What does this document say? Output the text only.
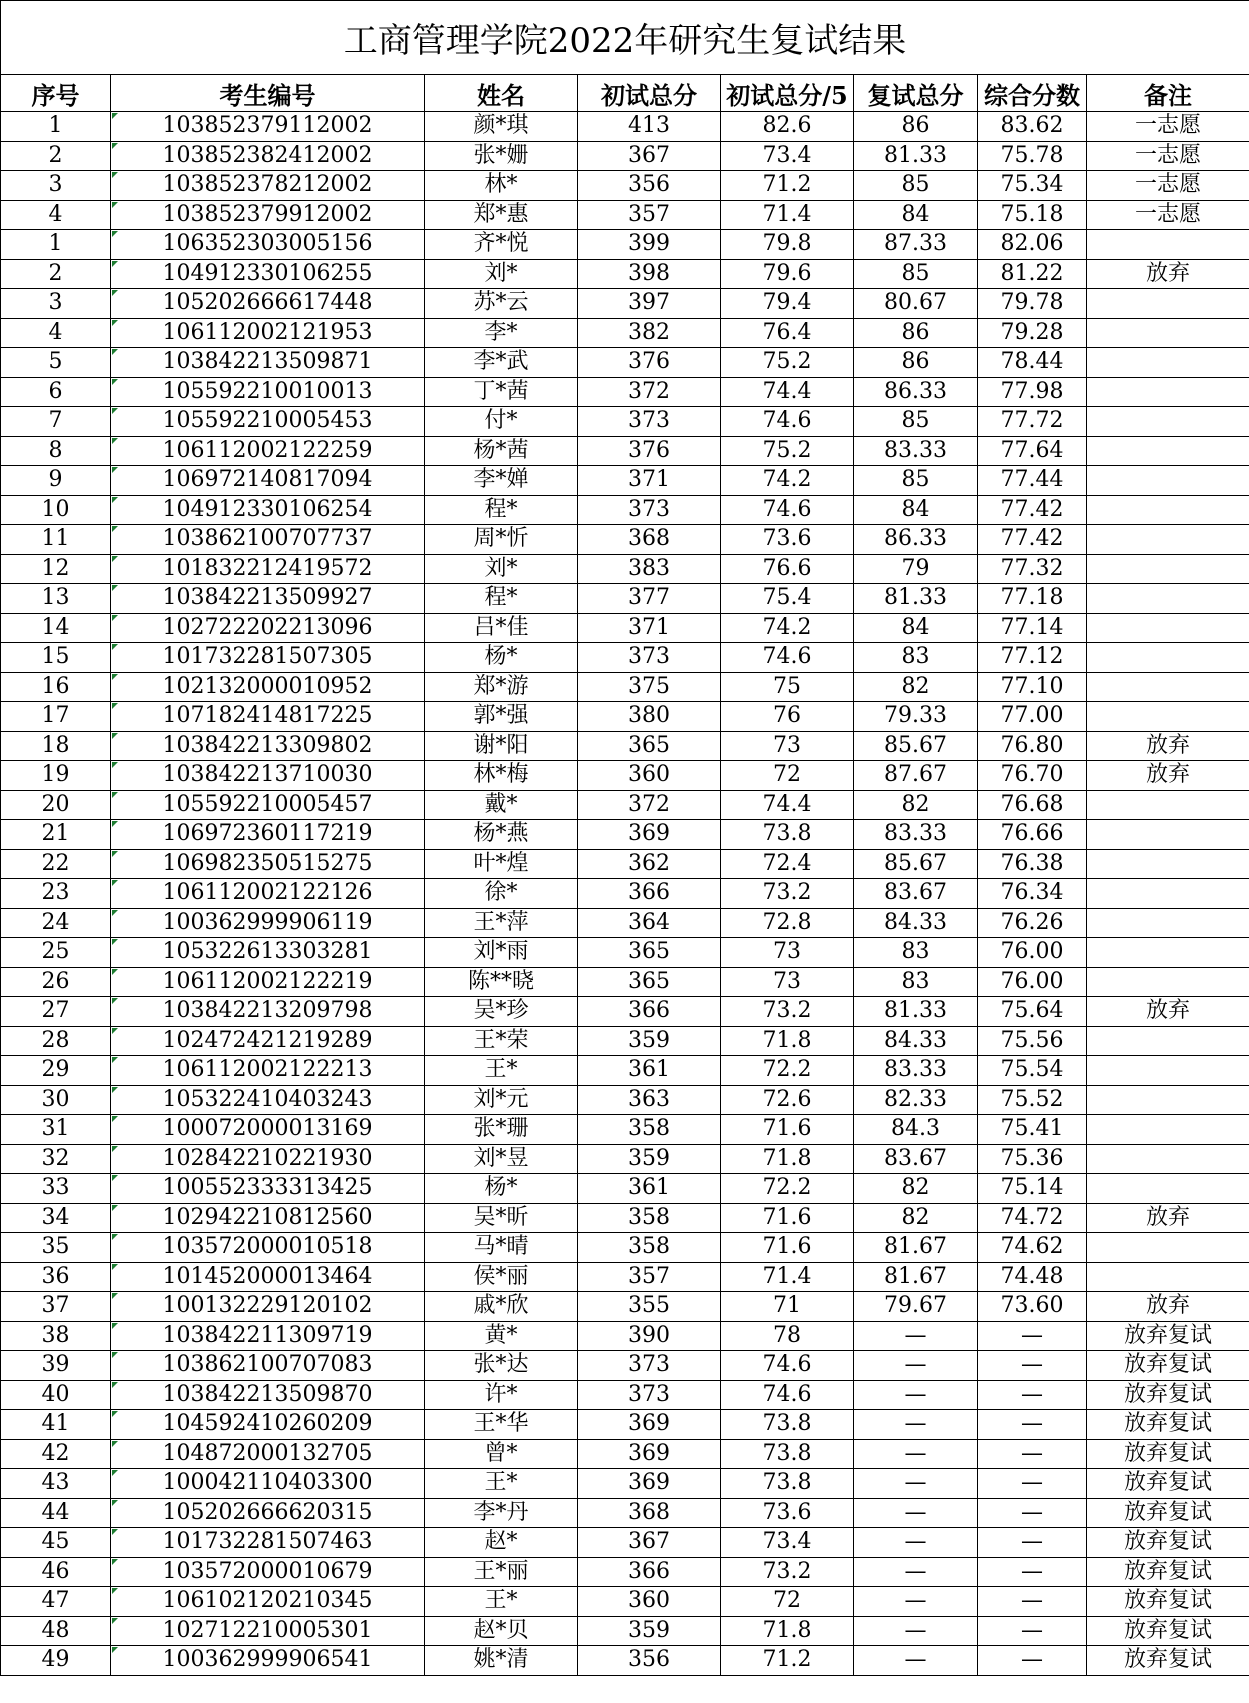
工商管理学院2022年研究生复试结果
序号	考生编号	姓名	初试总分	初试总分/5	复试总分	综合分数	备注
1	103852379112002	颜*琪	413	82.6	86	83.62	一志愿
2	103852382412002	张*姗	367	73.4	81.33	75.78	一志愿
3	103852378212002	林*	356	71.2	85	75.34	一志愿
4	103852379912002	郑*惠	357	71.4	84	75.18	一志愿
1	106352303005156	齐*悦	399	79.8	87.33	82.06	
2	104912330106255	刘*	398	79.6	85	81.22	放弃
3	105202666617448	苏*云	397	79.4	80.67	79.78	
4	106112002121953	李*	382	76.4	86	79.28	
5	103842213509871	李*武	376	75.2	86	78.44	
6	105592210010013	丁*茜	372	74.4	86.33	77.98	
7	105592210005453	付*	373	74.6	85	77.72	
8	106112002122259	杨*茜	376	75.2	83.33	77.64	
9	106972140817094	李*婵	371	74.2	85	77.44	
10	104912330106254	程*	373	74.6	84	77.42	
11	103862100707737	周*忻	368	73.6	86.33	77.42	
12	101832212419572	刘*	383	76.6	79	77.32	
13	103842213509927	程*	377	75.4	81.33	77.18	
14	102722202213096	吕*佳	371	74.2	84	77.14	
15	101732281507305	杨*	373	74.6	83	77.12	
16	102132000010952	郑*游	375	75	82	77.10	
17	107182414817225	郭*强	380	76	79.33	77.00	
18	103842213309802	谢*阳	365	73	85.67	76.80	放弃
19	103842213710030	林*梅	360	72	87.67	76.70	放弃
20	105592210005457	戴*	372	74.4	82	76.68	
21	106972360117219	杨*燕	369	73.8	83.33	76.66	
22	106982350515275	叶*煌	362	72.4	85.67	76.38	
23	106112002122126	徐*	366	73.2	83.67	76.34	
24	100362999906119	王*萍	364	72.8	84.33	76.26	
25	105322613303281	刘*雨	365	73	83	76.00	
26	106112002122219	陈**晓	365	73	83	76.00	
27	103842213209798	吴*珍	366	73.2	81.33	75.64	放弃
28	102472421219289	王*荣	359	71.8	84.33	75.56	
29	106112002122213	王*	361	72.2	83.33	75.54	
30	105322410403243	刘*元	363	72.6	82.33	75.52	
31	100072000013169	张*珊	358	71.6	84.3	75.41	
32	102842210221930	刘*昱	359	71.8	83.67	75.36	
33	100552333313425	杨*	361	72.2	82	75.14	
34	102942210812560	吴*昕	358	71.6	82	74.72	放弃
35	103572000010518	马*晴	358	71.6	81.67	74.62	
36	101452000013464	侯*丽	357	71.4	81.67	74.48	
37	100132229120102	戚*欣	355	71	79.67	73.60	放弃
38	103842211309719	黄*	390	78	—	—	放弃复试
39	103862100707083	张*达	373	74.6	—	—	放弃复试
40	103842213509870	许*	373	74.6	—	—	放弃复试
41	104592410260209	王*华	369	73.8	—	—	放弃复试
42	104872000132705	曾*	369	73.8	—	—	放弃复试
43	100042110403300	王*	369	73.8	—	—	放弃复试
44	105202666620315	李*丹	368	73.6	—	—	放弃复试
45	101732281507463	赵*	367	73.4	—	—	放弃复试
46	103572000010679	王*丽	366	73.2	—	—	放弃复试
47	106102120210345	王*	360	72	—	—	放弃复试
48	102712210005301	赵*贝	359	71.8	—	—	放弃复试
49	100362999906541	姚*清	356	71.2	—	—	放弃复试
